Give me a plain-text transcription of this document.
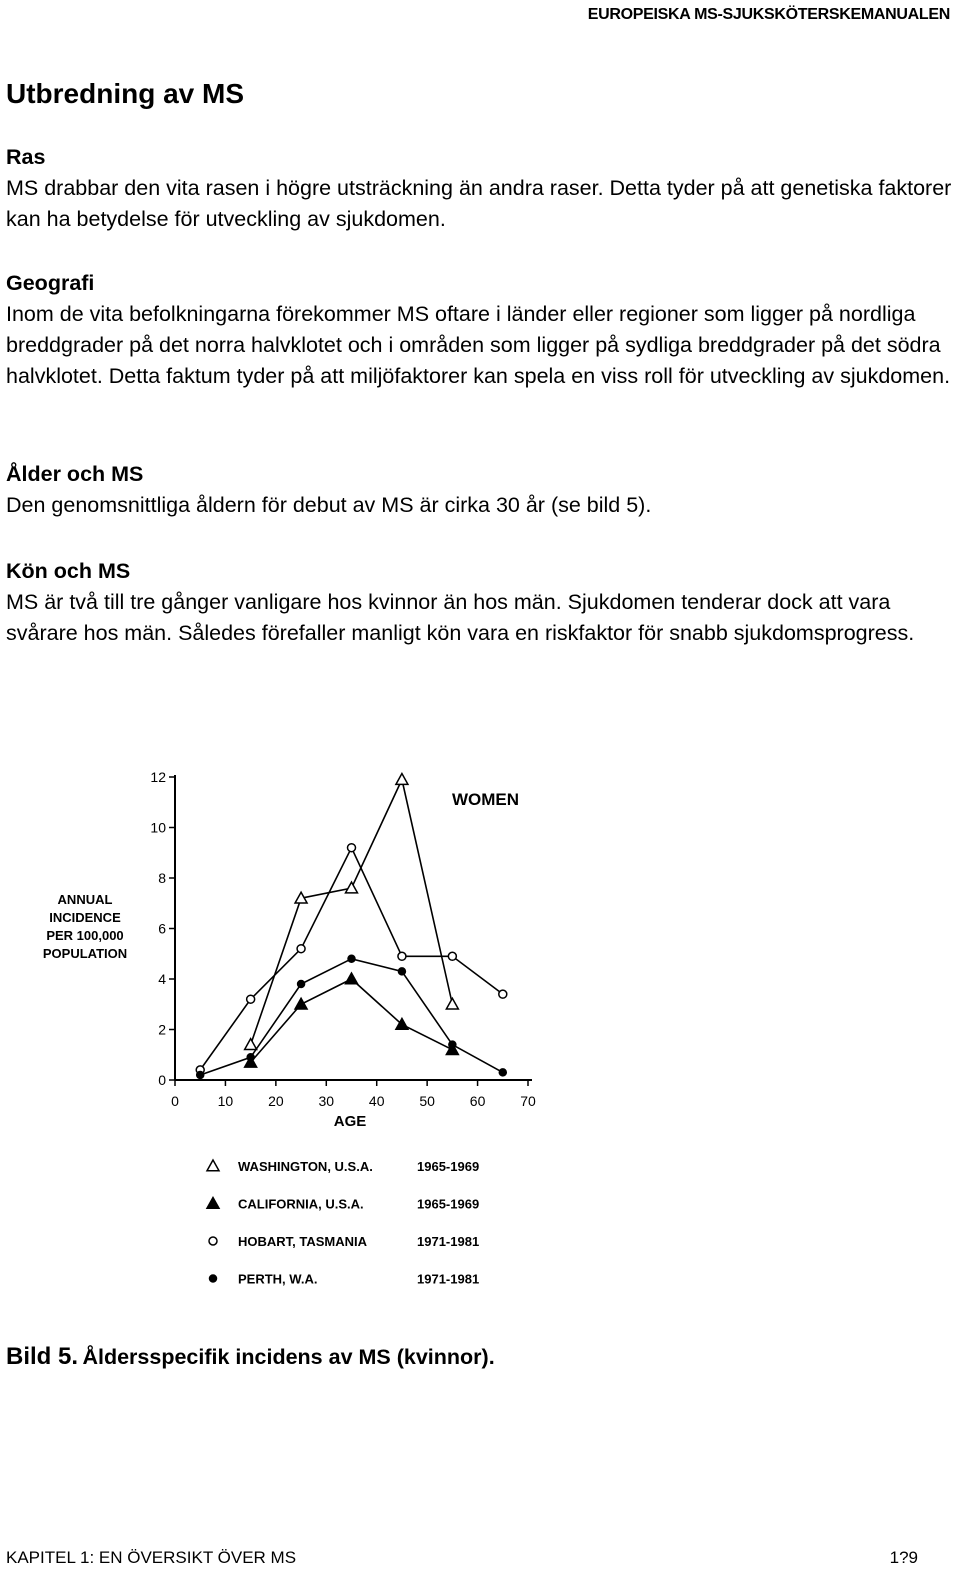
EUROPEISKA MS-SJUKSKÖTERSKEMANUALEN
Utbredning av MS
Ras

MS drabbar den vita rasen i högre utsträckning än andra raser. Detta tyder på att genetiska faktorer kan ha betydelse för utveckling av sjukdomen.

Geografi

Inom de vita befolkningarna förekommer MS oftare i länder eller regioner som ligger på nordliga breddgrader på det norra halvklotet och i områden som ligger på sydliga breddgrader på det södra halvklotet. Detta faktum tyder på att miljöfaktorer kan spela en viss roll för utveckling av sjukdomen.

Ålder och MS

Den genomsnittliga åldern för debut av MS är cirka 30 år (se bild 5).

Kön och MS

MS är två till tre gånger vanligare hos kvinnor än hos män. Sjukdomen tenderar dock att vara svårare hos män. Således förefaller manligt kön vara en riskfaktor för snabb sjukdomsprogress.

0	10 20 30 40 50 60 70
0
2
4
6
8
10
12
WOMEN
AGE
ANNUAL
INCIDENCE
PER 100,000
POPULATION
WASHINGTON, U.S.A.	1965-1969
CALIFORNIA, U.S.A.	1965-1969
HOBART, TASMANIA	1971-1981
PERTH, W.A.	1971-1981
Bild 5. Åldersspecifik incidens av MS (kvinnor).
KAPITEL 1: EN ÖVERSIKT ÖVER MS	1?9
